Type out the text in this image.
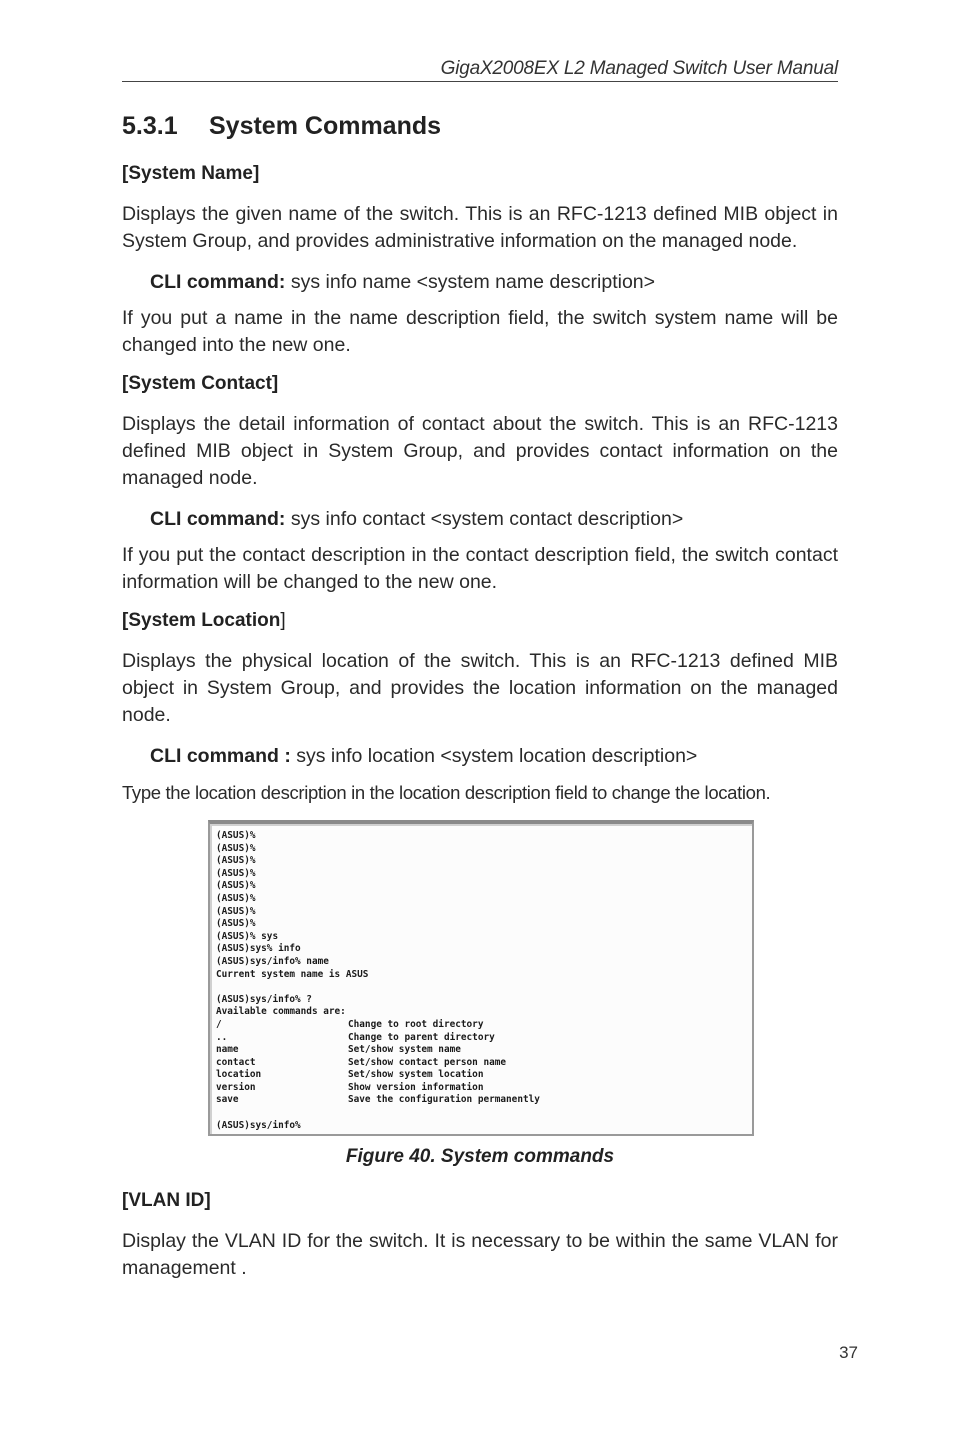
GigaX2008EX L2 Managed Switch User Manual
5.3.1 System Commands
[System Name]

Displays the given name of the switch. This is an RFC-1213 defined MIB object in System Group, and provides administrative information on the managed node.

CLI command: sys info name <system name description>

If you put a name in the name description field, the switch system name will be changed into the new one.

[System Contact]

Displays the detail information of contact about the switch. This is an RFC-1213 defined MIB object in System Group, and provides contact information on the managed node.

CLI command: sys info contact <system contact description>

If you put the contact description in the contact description field, the switch contact information will be changed to the new one.

[System Location]

Displays the physical location of the switch. This is an RFC-1213 defined MIB object in System Group, and provides the location information on the managed node.

CLI command : sys info location <system location description>

Type the location description in the location description field to change the location.

(ASUS)%
(ASUS)%
(ASUS)%
(ASUS)%
(ASUS)%
(ASUS)%
(ASUS)%
(ASUS)%
(ASUS)% sys
(ASUS)sys% info
(ASUS)sys/info% name
Current system name is ASUS
(ASUS)sys/info% ?
Available commands are:
/	Change to root directory
..	Change to parent directory
name	Set/show system name
contact	Set/show contact person name
location	Set/show system location
version	Show version information
save	Save the configuration permanently
(ASUS)sys/info%
Figure 40. System commands
[VLAN ID]

Display the VLAN ID for the switch. It is necessary to be within the same VLAN for management .

37
